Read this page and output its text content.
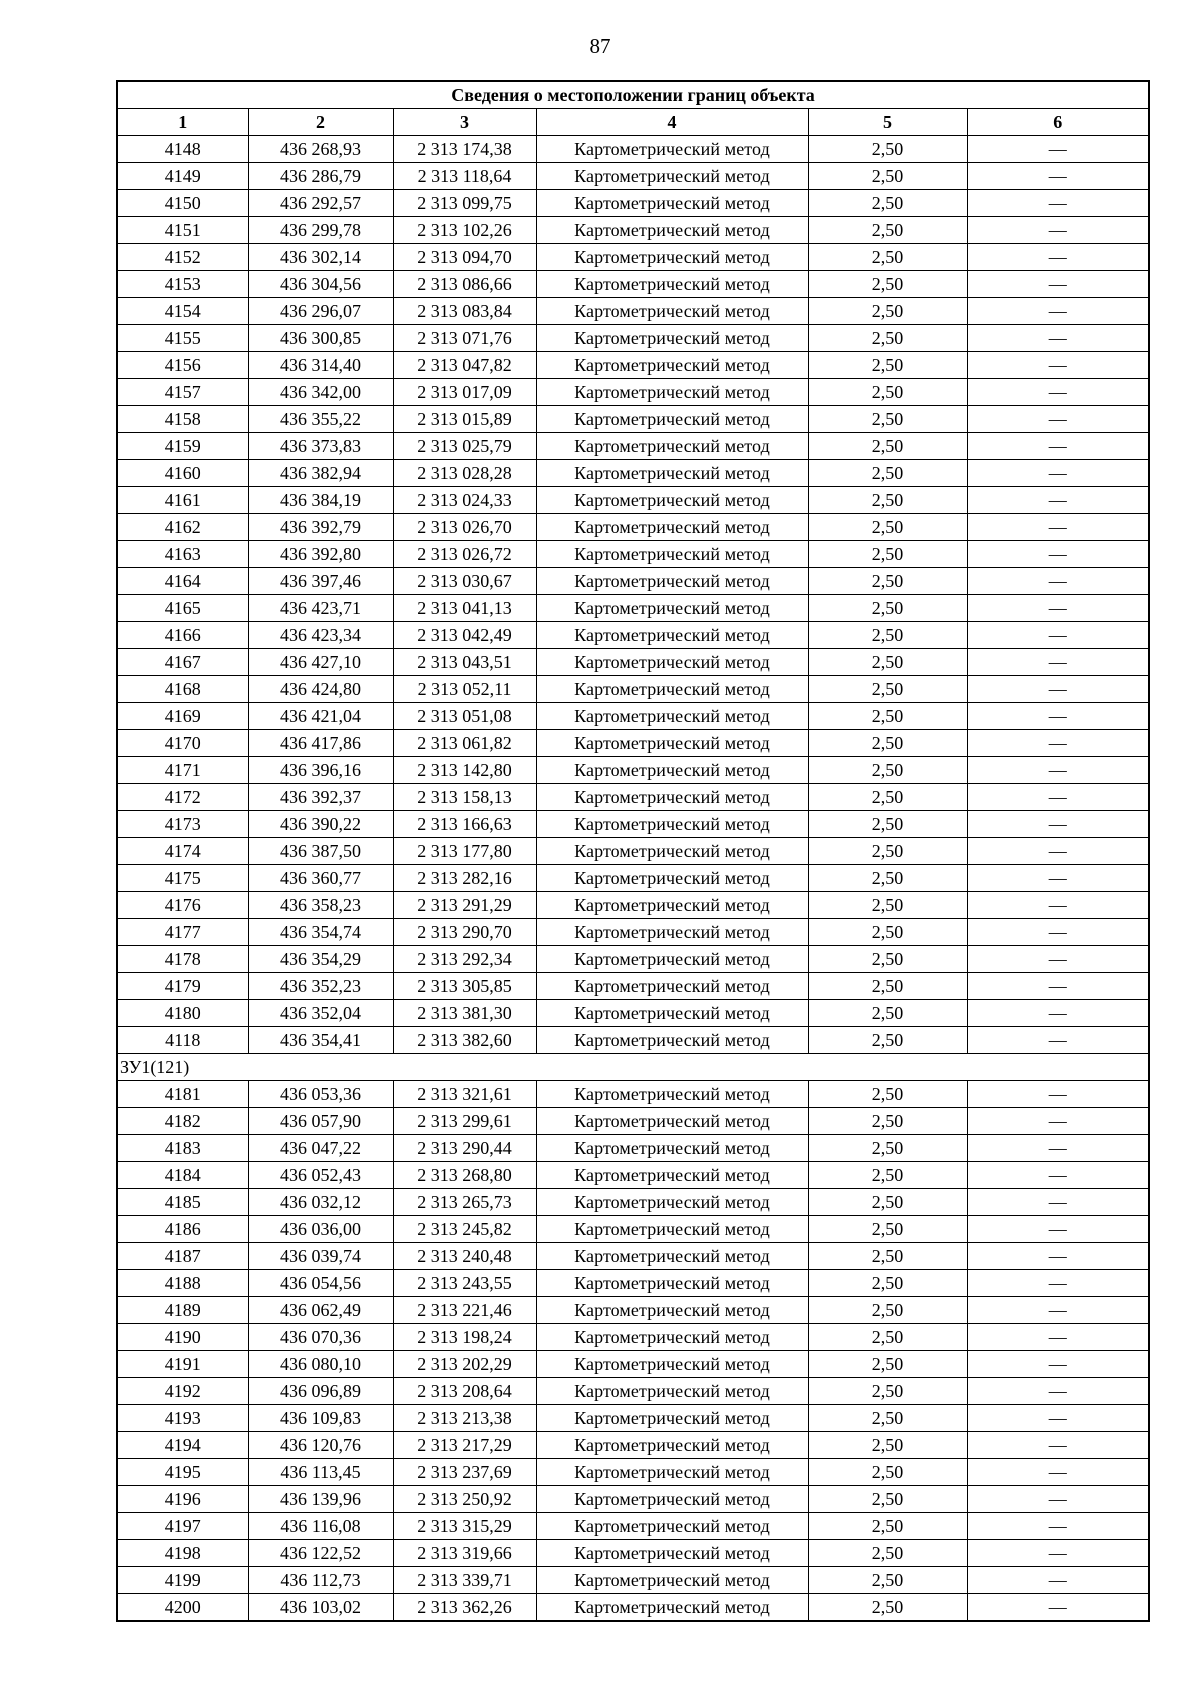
87
Сведения о местоположении границ объекта					
1	2	3	4	5	6
4148	436 268,93	2 313 174,38	Картометрический метод	2,50	—
4149	436 286,79	2 313 118,64	Картометрический метод	2,50	—
4150	436 292,57	2 313 099,75	Картометрический метод	2,50	—
4151	436 299,78	2 313 102,26	Картометрический метод	2,50	—
4152	436 302,14	2 313 094,70	Картометрический метод	2,50	—
4153	436 304,56	2 313 086,66	Картометрический метод	2,50	—
4154	436 296,07	2 313 083,84	Картометрический метод	2,50	—
4155	436 300,85	2 313 071,76	Картометрический метод	2,50	—
4156	436 314,40	2 313 047,82	Картометрический метод	2,50	—
4157	436 342,00	2 313 017,09	Картометрический метод	2,50	—
4158	436 355,22	2 313 015,89	Картометрический метод	2,50	—
4159	436 373,83	2 313 025,79	Картометрический метод	2,50	—
4160	436 382,94	2 313 028,28	Картометрический метод	2,50	—
4161	436 384,19	2 313 024,33	Картометрический метод	2,50	—
4162	436 392,79	2 313 026,70	Картометрический метод	2,50	—
4163	436 392,80	2 313 026,72	Картометрический метод	2,50	—
4164	436 397,46	2 313 030,67	Картометрический метод	2,50	—
4165	436 423,71	2 313 041,13	Картометрический метод	2,50	—
4166	436 423,34	2 313 042,49	Картометрический метод	2,50	—
4167	436 427,10	2 313 043,51	Картометрический метод	2,50	—
4168	436 424,80	2 313 052,11	Картометрический метод	2,50	—
4169	436 421,04	2 313 051,08	Картометрический метод	2,50	—
4170	436 417,86	2 313 061,82	Картометрический метод	2,50	—
4171	436 396,16	2 313 142,80	Картометрический метод	2,50	—
4172	436 392,37	2 313 158,13	Картометрический метод	2,50	—
4173	436 390,22	2 313 166,63	Картометрический метод	2,50	—
4174	436 387,50	2 313 177,80	Картометрический метод	2,50	—
4175	436 360,77	2 313 282,16	Картометрический метод	2,50	—
4176	436 358,23	2 313 291,29	Картометрический метод	2,50	—
4177	436 354,74	2 313 290,70	Картометрический метод	2,50	—
4178	436 354,29	2 313 292,34	Картометрический метод	2,50	—
4179	436 352,23	2 313 305,85	Картометрический метод	2,50	—
4180	436 352,04	2 313 381,30	Картометрический метод	2,50	—
4118	436 354,41	2 313 382,60	Картометрический метод	2,50	—
ЗУ1(121)					
4181	436 053,36	2 313 321,61	Картометрический метод	2,50	—
4182	436 057,90	2 313 299,61	Картометрический метод	2,50	—
4183	436 047,22	2 313 290,44	Картометрический метод	2,50	—
4184	436 052,43	2 313 268,80	Картометрический метод	2,50	—
4185	436 032,12	2 313 265,73	Картометрический метод	2,50	—
4186	436 036,00	2 313 245,82	Картометрический метод	2,50	—
4187	436 039,74	2 313 240,48	Картометрический метод	2,50	—
4188	436 054,56	2 313 243,55	Картометрический метод	2,50	—
4189	436 062,49	2 313 221,46	Картометрический метод	2,50	—
4190	436 070,36	2 313 198,24	Картометрический метод	2,50	—
4191	436 080,10	2 313 202,29	Картометрический метод	2,50	—
4192	436 096,89	2 313 208,64	Картометрический метод	2,50	—
4193	436 109,83	2 313 213,38	Картометрический метод	2,50	—
4194	436 120,76	2 313 217,29	Картометрический метод	2,50	—
4195	436 113,45	2 313 237,69	Картометрический метод	2,50	—
4196	436 139,96	2 313 250,92	Картометрический метод	2,50	—
4197	436 116,08	2 313 315,29	Картометрический метод	2,50	—
4198	436 122,52	2 313 319,66	Картометрический метод	2,50	—
4199	436 112,73	2 313 339,71	Картометрический метод	2,50	—
4200	436 103,02	2 313 362,26	Картометрический метод	2,50	—
